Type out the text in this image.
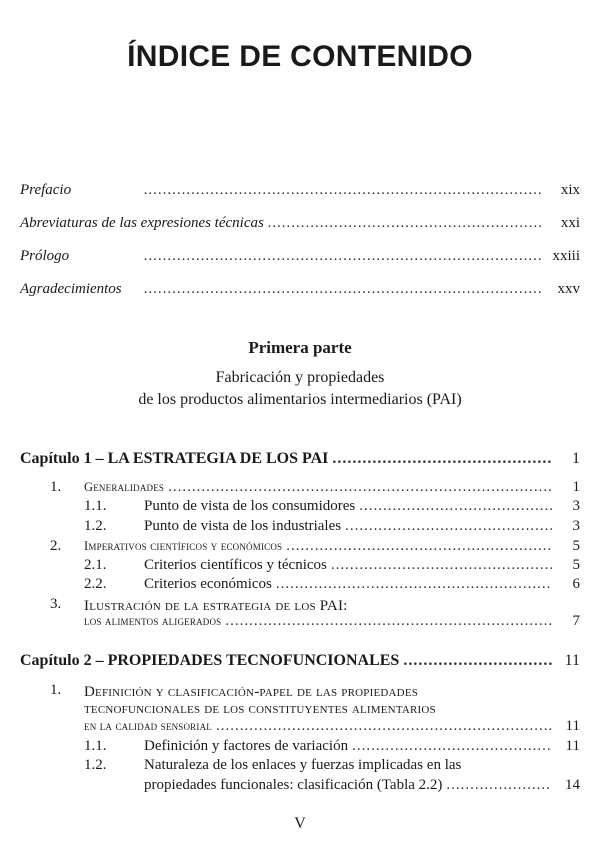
ÍNDICE DE CONTENIDO
Prefacio .....	xix
Abreviaturas de las expresiones técnicas .....	xxi
Prólogo .....	xxiii
Agradecimientos .....	xxv
Primera parte
Fabricación y propiedades
de los productos alimentarios intermediarios (PAI)
Capítulo 1 – LA ESTRATEGIA DE LOS PAI .....	1
1. Generalidades .....	1
1.1.	Punto de vista de los consumidores .....	3
1.2.	Punto de vista de los industriales .....	3
2. Imperativos científicos y económicos .....	5
2.1.	Criterios científicos y técnicos .....	5
2.2.	Criterios económicos .....	6
3. Ilustración de la estrategia de los PAI:
los alimentos aligerados .....	7
Capítulo 2 – PROPIEDADES TECNOFUNCIONALES .....	11
1. Definición y clasificación-papel de las propiedades
tecnofuncionales de los constituyentes alimentarios
en la calidad sensorial .....	11
1.1.	Definición y factores de variación .....	11
1.2.	Naturaleza de los enlaces y fuerzas implicadas en las
propiedades funcionales: clasificación (Tabla 2.2) .....	14
V
